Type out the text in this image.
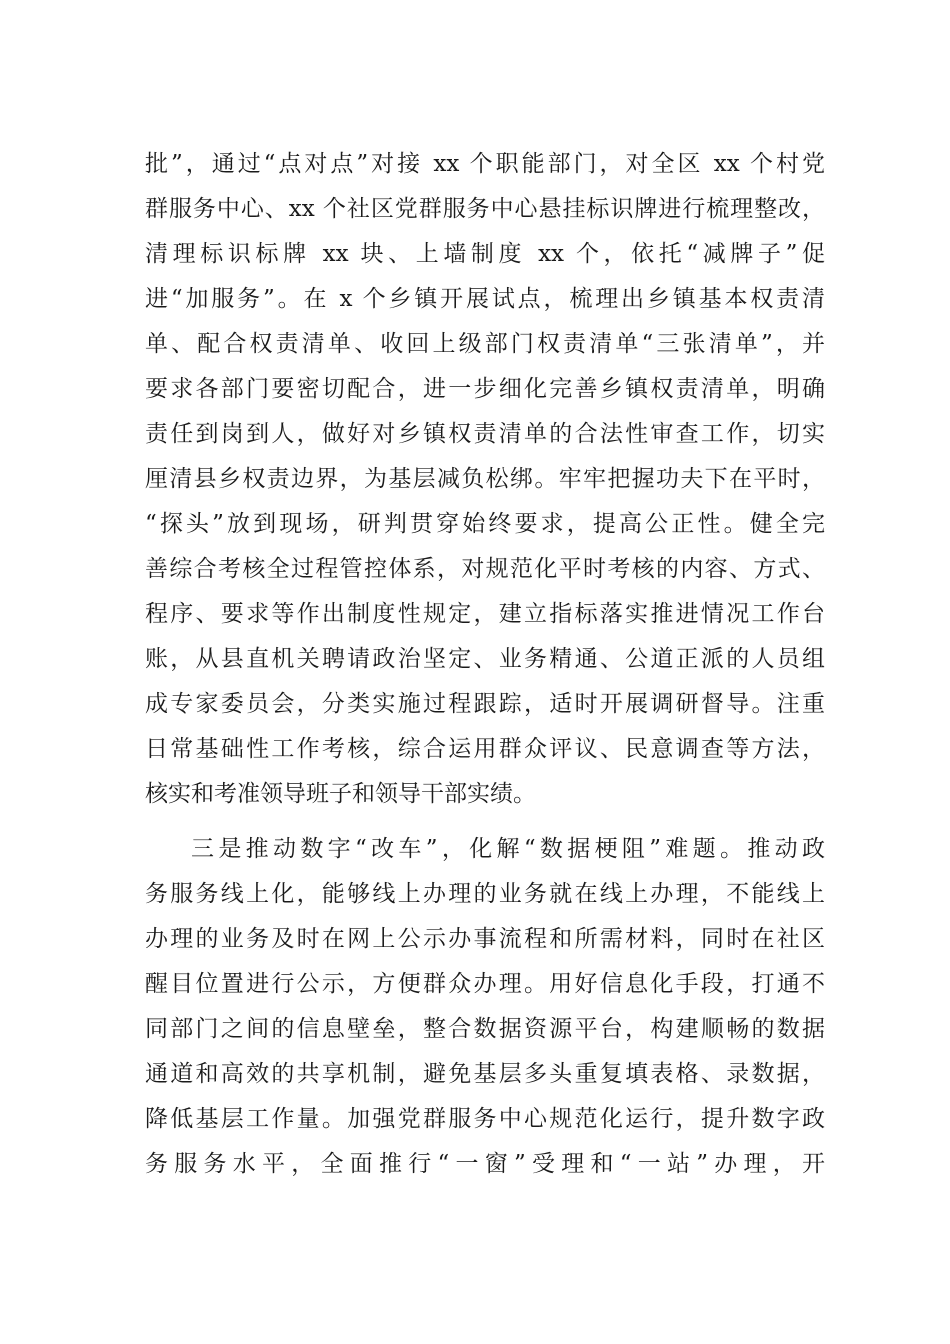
批”，通过“点对点”对接 xx 个职能部门，对全区 xx 个村党
群服务中心、xx 个社区党群服务中心悬挂标识牌进行梳理整改，
清理标识标牌 xx 块、上墙制度 xx 个，依托“减牌子”促
进“加服务”。在 x 个乡镇开展试点，梳理出乡镇基本权责清
单、配合权责清单、收回上级部门权责清单“三张清单”，并
要求各部门要密切配合，进一步细化完善乡镇权责清单，明确
责任到岗到人，做好对乡镇权责清单的合法性审查工作，切实
厘清县乡权责边界，为基层减负松绑。牢牢把握功夫下在平时，
“探头”放到现场，研判贯穿始终要求，提高公正性。健全完
善综合考核全过程管控体系，对规范化平时考核的内容、方式、
程序、要求等作出制度性规定，建立指标落实推进情况工作台
账，从县直机关聘请政治坚定、业务精通、公道正派的人员组
成专家委员会，分类实施过程跟踪，适时开展调研督导。注重
日常基础性工作考核，综合运用群众评议、民意调查等方法，
核实和考准领导班子和领导干部实绩。
三是推动数字“改车”，化解“数据梗阻”难题。推动政
务服务线上化，能够线上办理的业务就在线上办理，不能线上
办理的业务及时在网上公示办事流程和所需材料，同时在社区
醒目位置进行公示，方便群众办理。用好信息化手段，打通不
同部门之间的信息壁垒，整合数据资源平台，构建顺畅的数据
通道和高效的共享机制，避免基层多头重复填表格、录数据，
降低基层工作量。加强党群服务中心规范化运行，提升数字政
务服务水平，全面推行“一窗”受理和“一站”办理，开
